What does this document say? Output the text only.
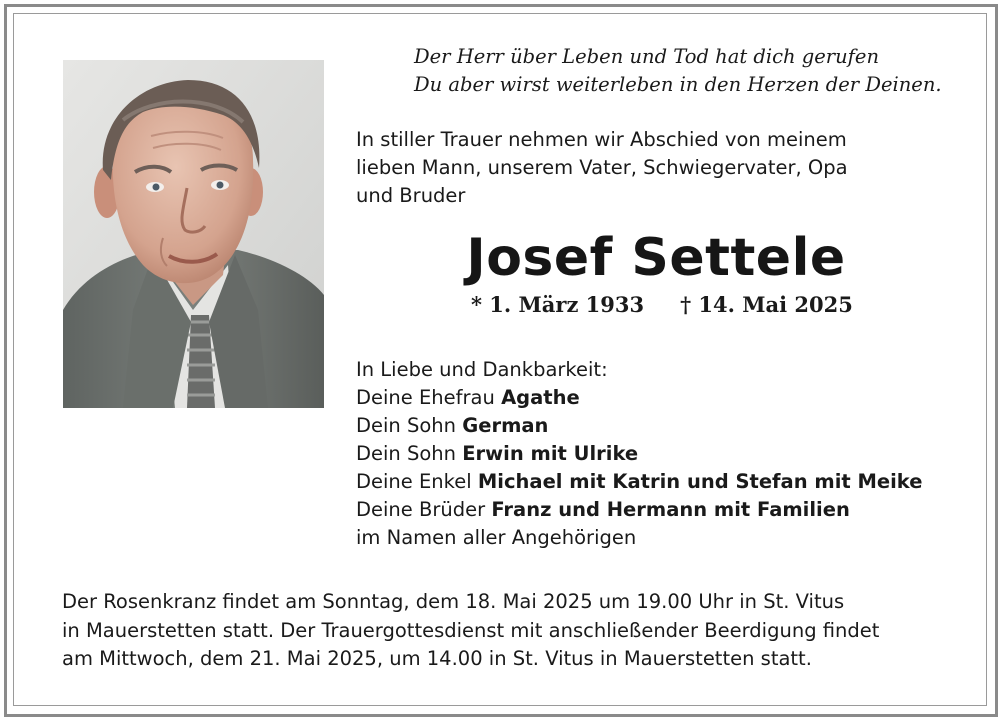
Der Herr über Leben und Tod hat dich gerufen
Du aber wirst weiterleben in den Herzen der Deinen.
In stiller Trauer nehmen wir Abschied von meinem
lieben Mann, unserem Vater, Schwiegervater, Opa
und Bruder
Josef Settele
* 1. März 1933 † 14. Mai 2025
In Liebe und Dankbarkeit:
Deine Ehefrau Agathe
Dein Sohn German
Dein Sohn Erwin mit Ulrike
Deine Enkel Michael mit Katrin und Stefan mit Meike
Deine Brüder Franz und Hermann mit Familien
im Namen aller Angehörigen
Der Rosenkranz findet am Sonntag, dem 18. Mai 2025 um 19.00 Uhr in St. Vitus
in Mauerstetten statt. Der Trauergottesdienst mit anschließender Beerdigung findet
am Mittwoch, dem 21. Mai 2025, um 14.00 in St. Vitus in Mauerstetten statt.
